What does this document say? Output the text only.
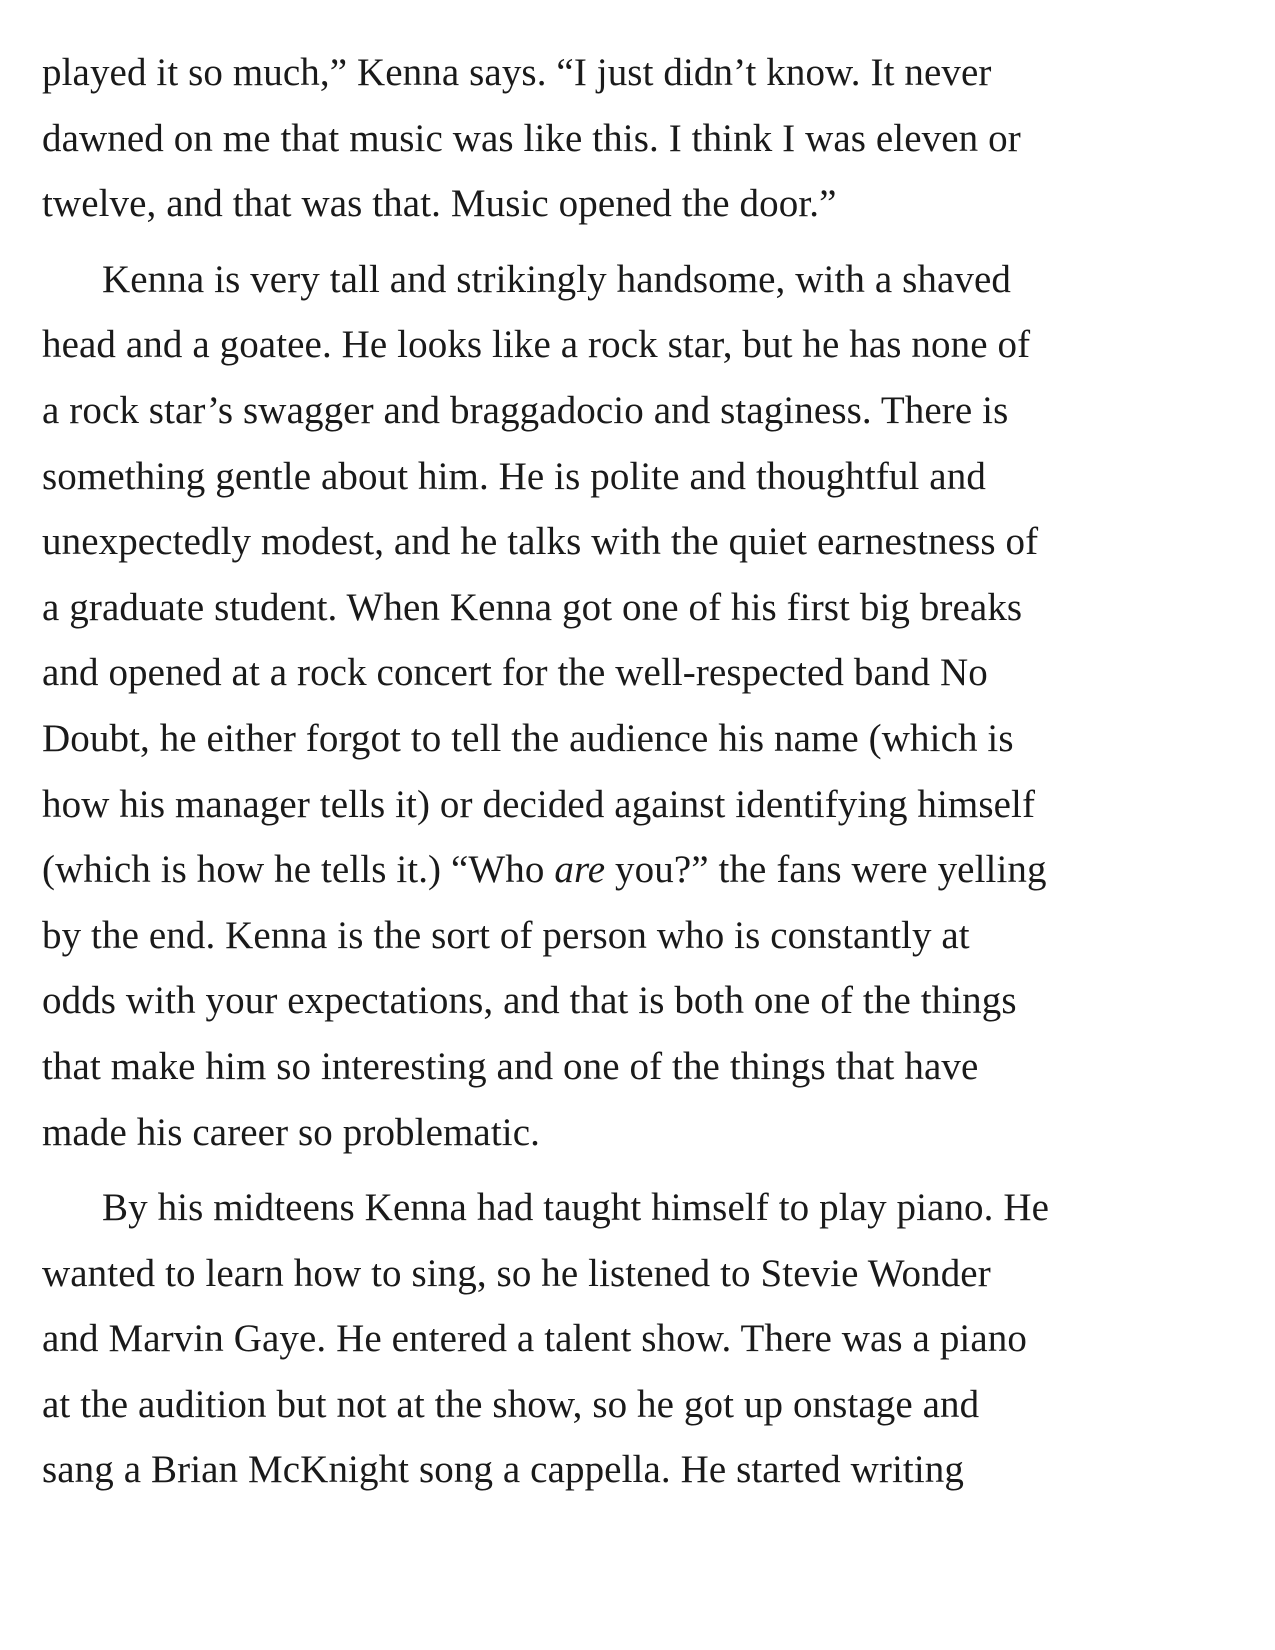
played it so much,” Kenna says. “I just didn’t know. It never
dawned on me that music was like this. I think I was eleven or
twelve, and that was that. Music opened the door.”
Kenna is very tall and strikingly handsome, with a shaved
head and a goatee. He looks like a rock star, but he has none of
a rock star’s swagger and braggadocio and staginess. There is
something gentle about him. He is polite and thoughtful and
unexpectedly modest, and he talks with the quiet earnestness of
a graduate student. When Kenna got one of his first big breaks
and opened at a rock concert for the well-respected band No
Doubt, he either forgot to tell the audience his name (which is
how his manager tells it) or decided against identifying himself
(which is how he tells it.) “Who are you?” the fans were yelling
by the end. Kenna is the sort of person who is constantly at
odds with your expectations, and that is both one of the things
that make him so interesting and one of the things that have
made his career so problematic.
By his midteens Kenna had taught himself to play piano. He
wanted to learn how to sing, so he listened to Stevie Wonder
and Marvin Gaye. He entered a talent show. There was a piano
at the audition but not at the show, so he got up onstage and
sang a Brian McKnight song a cappella. He started writing
